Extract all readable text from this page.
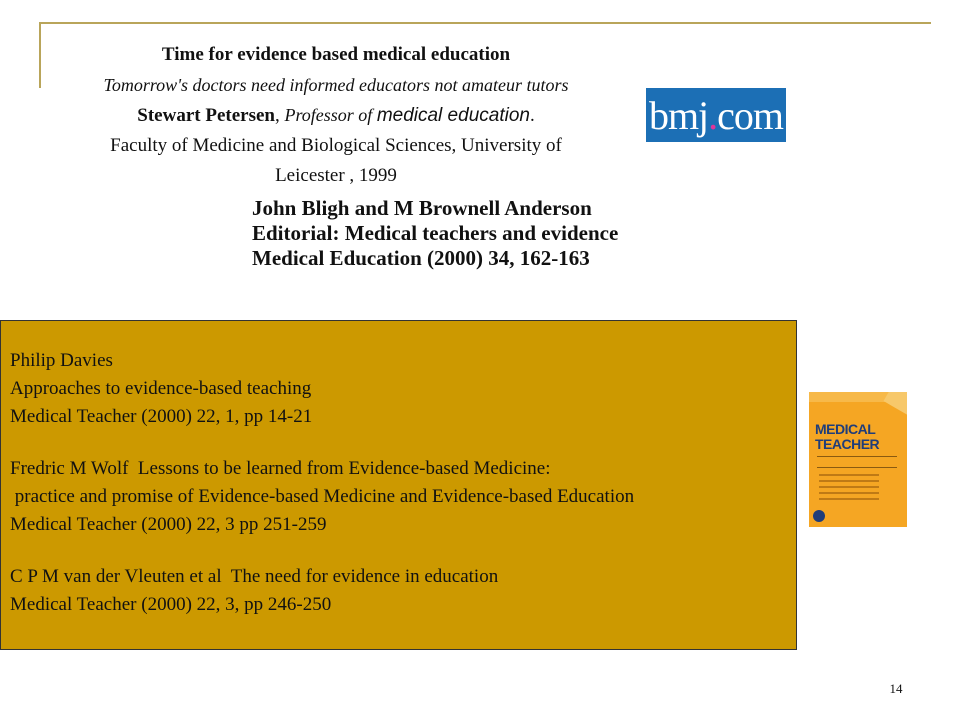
Time for evidence based medical education
Tomorrow's doctors need informed educators not amateur tutors
Stewart Petersen, Professor of medical education.
Faculty of Medicine and Biological Sciences, University of
Leicester , 1999
bmj . com
John Bligh and M Brownell Anderson
Editorial: Medical teachers and evidence
Medical Education (2000) 34, 162-163

Philip Davies

Approaches to evidence-based teaching

Medical Teacher (2000) 22, 1, pp 14-21

Fredric M Wolf  Lessons to be learned from Evidence-based Medicine:

practice and promise of Evidence-based Medicine and Evidence-based Education

Medical Teacher (2000) 22, 3 pp 251-259

C P M van der Vleuten et al  The need for evidence in education

Medical Teacher (2000) 22, 3, pp 246-250

MEDICAL
TEACHER
14
